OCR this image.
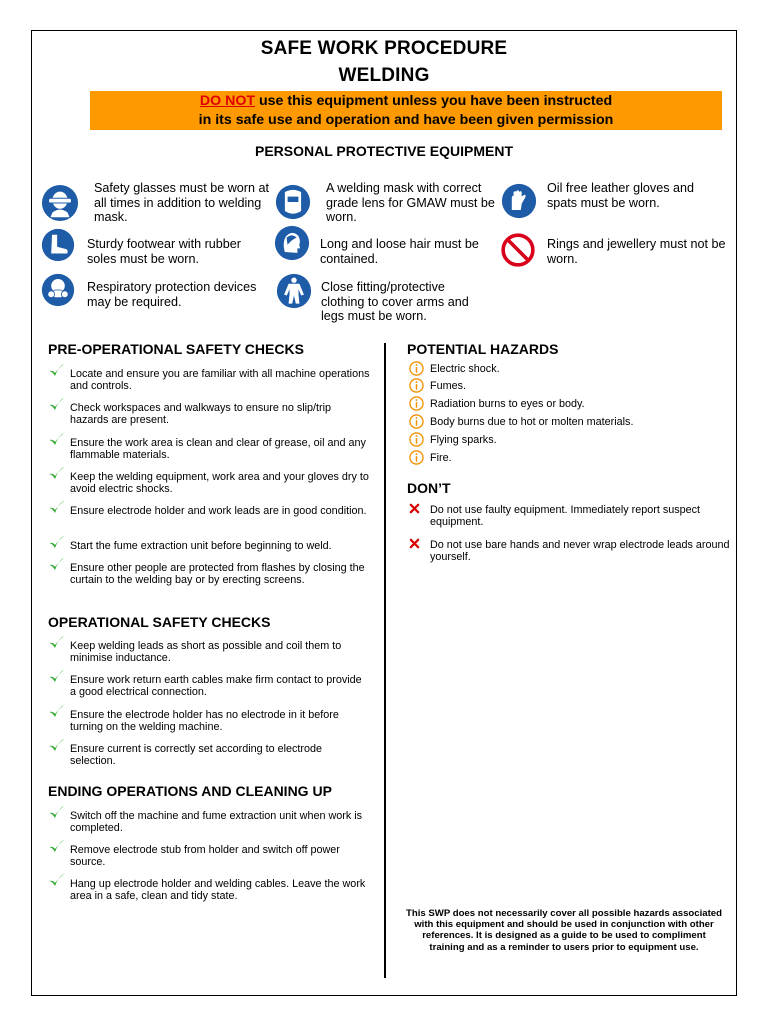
SAFE WORK PROCEDURE
WELDING
DO NOT use this equipment unless you have been instructed
in its safe use and operation and have been given permission
PERSONAL PROTECTIVE EQUIPMENT
Safety glasses must be worn at all times in addition to welding mask.
A welding mask with correct grade lens for GMAW must be worn.
Oil free leather gloves and spats must be worn.
Sturdy footwear with rubber soles must be worn.
Long and loose hair must be contained.
Rings and jewellery must not be worn.
Respiratory protection devices may be required.
Close fitting/protective clothing to cover arms and legs must be worn.
PRE-OPERATIONAL SAFETY CHECKS
Locate and ensure you are familiar with all machine operations and controls.
Check workspaces and walkways to ensure no slip/trip hazards are present.
Ensure the work area is clean and clear of grease, oil and any flammable materials.
Keep the welding equipment, work area and your gloves dry to avoid electric shocks.
Ensure electrode holder and work leads are in good condition.
Start the fume extraction unit before beginning to weld.
Ensure other people are protected from flashes by closing the curtain to the welding bay or by erecting screens.
OPERATIONAL SAFETY CHECKS
Keep welding leads as short as possible and coil them to minimise inductance.
Ensure work return earth cables make firm contact to provide a good electrical connection.
Ensure the electrode holder has no electrode in it before turning on the welding machine.
Ensure current is correctly set according to electrode selection.
ENDING OPERATIONS AND CLEANING UP
Switch off the machine and fume extraction unit when work is completed.
Remove electrode stub from holder and switch off power source.
Hang up electrode holder and welding cables. Leave the work area in a safe, clean and tidy state.
POTENTIAL HAZARDS
Electric shock.
Fumes.
Radiation burns to eyes or body.
Body burns due to hot or molten materials.
Flying sparks.
Fire.
DON’T
Do not use faulty equipment. Immediately report suspect equipment.
Do not use bare hands and never wrap electrode leads around yourself.
This SWP does not necessarily cover all possible hazards associated with this equipment and should be used in conjunction with other references. It is designed as a guide to be used to compliment training and as a reminder to users prior to equipment use.
